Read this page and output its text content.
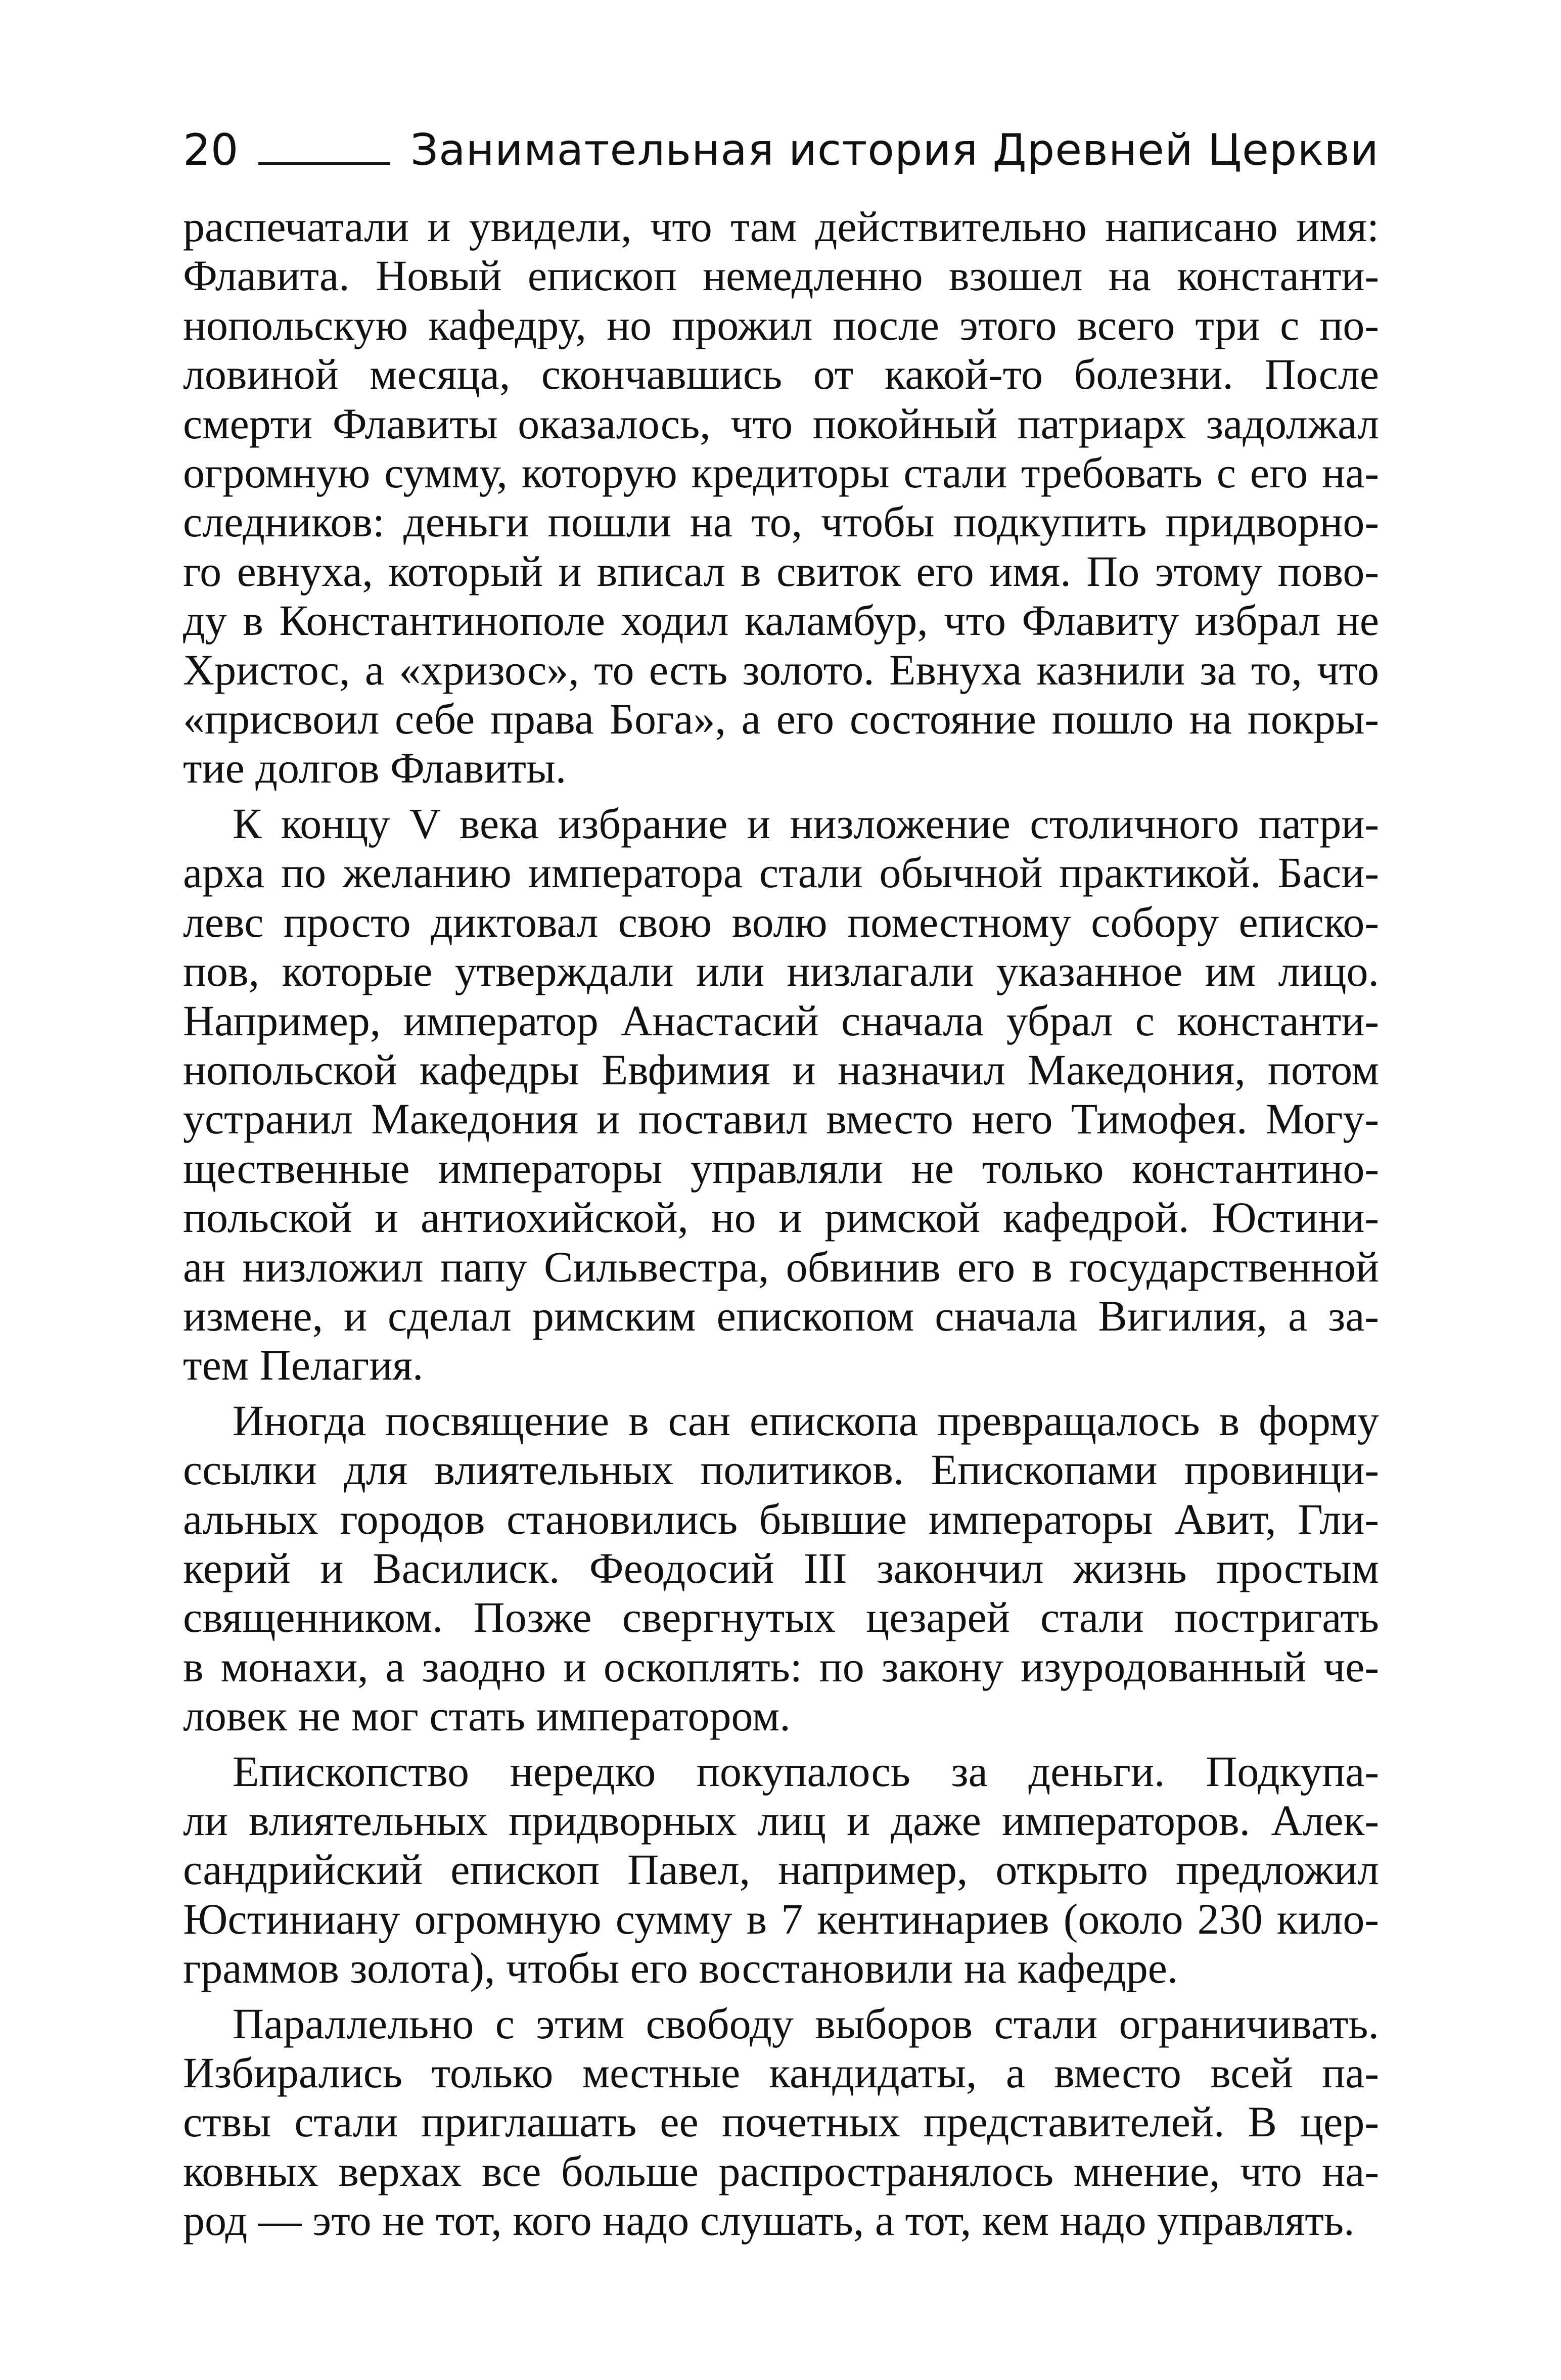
20	Занимательная история Древней Церкви

распечатали и увидели, что там действительно написано имя:
Флавита. Новый епископ немедленно взошел на константи-
нопольскую кафедру, но прожил после этого всего три с по-
ловиной месяца, скончавшись от какой-то болезни. После
смерти Флавиты оказалось, что покойный патриарх задолжал
огромную сумму, которую кредиторы стали требовать с его на-
следников: деньги пошли на то, чтобы подкупить придворно-
го евнуха, который и вписал в свиток его имя. По этому пово-
ду в Константинополе ходил каламбур, что Флавиту избрал не
Христос, а «хризос», то есть золото. Евнуха казнили за то, что
«присвоил себе права Бога», а его состояние пошло на покры-
тие долгов Флавиты.

К концу V века избрание и низложение столичного патри-
арха по желанию императора стали обычной практикой. Баси-
левс просто диктовал свою волю поместному собору еписко-
пов, которые утверждали или низлагали указанное им лицо.
Например, император Анастасий сначала убрал с константи-
нопольской кафедры Евфимия и назначил Македония, потом
устранил Македония и поставил вместо него Тимофея. Могу-
щественные императоры управляли не только константино-
польской и антиохийской, но и римской кафедрой. Юстини-
ан низложил папу Сильвестра, обвинив его в государственной
измене, и сделал римским епископом сначала Вигилия, а за-
тем Пелагия.

Иногда посвящение в сан епископа превращалось в форму
ссылки для влиятельных политиков. Епископами провинци-
альных городов становились бывшие императоры Авит, Гли-
керий и Василиск. Феодосий III закончил жизнь простым
священником. Позже свергнутых цезарей стали постригать
в монахи, а заодно и оскоплять: по закону изуродованный че-
ловек не мог стать императором.

Епископство нередко покупалось за деньги. Подкупа-
ли влиятельных придворных лиц и даже императоров. Алек-
сандрийский епископ Павел, например, открыто предложил
Юстиниану огромную сумму в 7 кентинариев (около 230 кило-
граммов золота), чтобы его восстановили на кафедре.

Параллельно с этим свободу выборов стали ограничивать.
Избирались только местные кандидаты, а вместо всей па-
ствы стали приглашать ее почетных представителей. В цер-
ковных верхах все больше распространялось мнение, что на-
род — это не тот, кого надо слушать, а тот, кем надо управлять.
